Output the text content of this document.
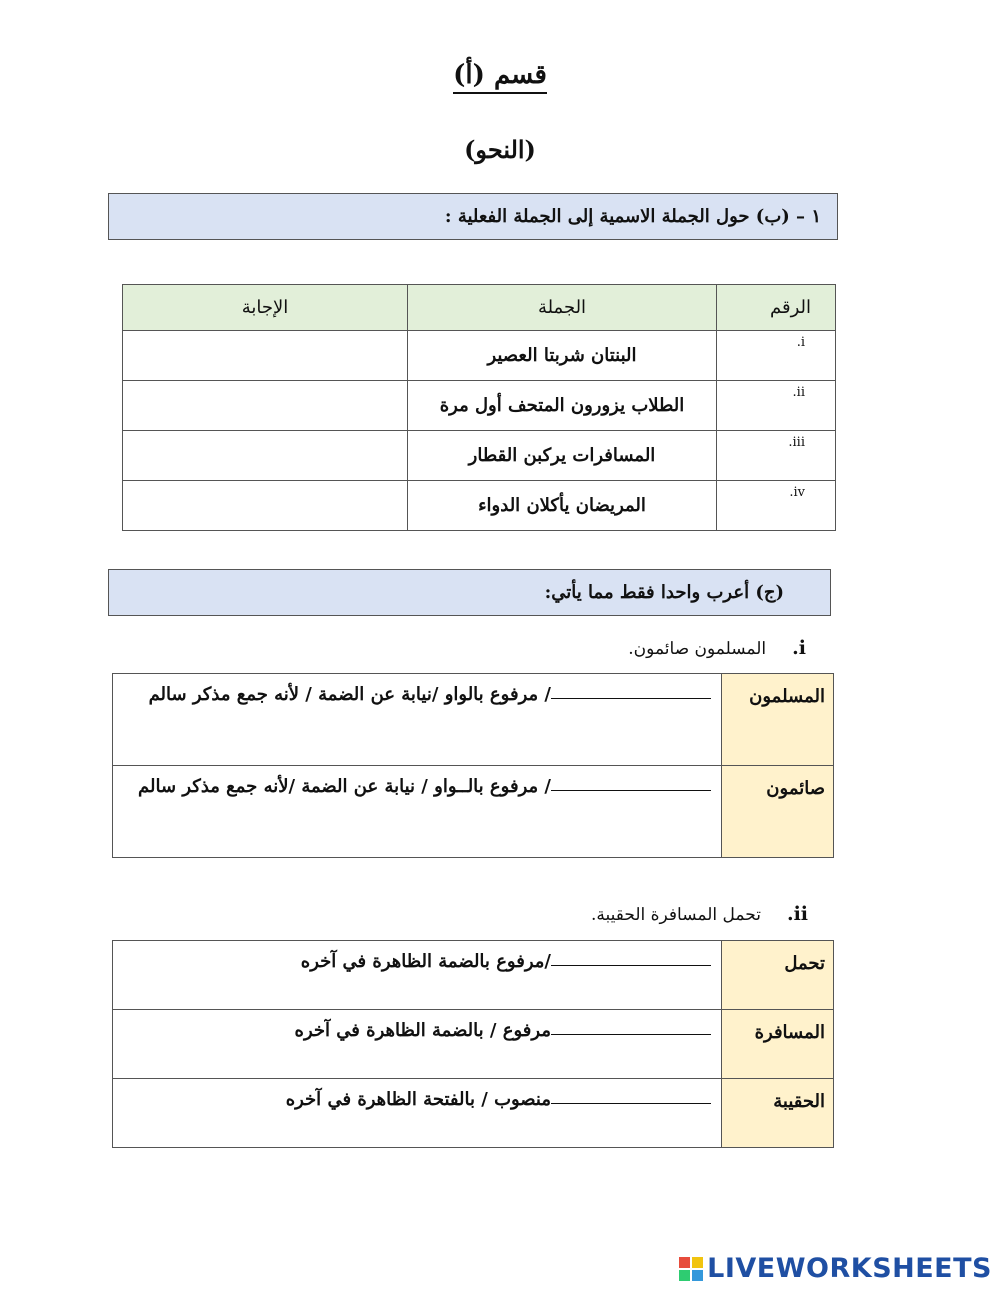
قسم (أ)
(النحو)
١ – (ب) حول الجملة الاسمية إلى الجملة الفعلية :
الرقم	الجملة	الإجابة
i.	البنتان شربتا العصير	
ii.	الطلاب يزورون المتحف أول مرة	
iii.	المسافرات يركبن القطار	
iv.	المريضان يأكلان الدواء	
(ج) أعرب واحدا فقط مما يأتي:
i.المسلمون صائمون.
المسلمون	/ مرفوع بالواو /نيابة عن الضمة / لأنه جمع مذكر سالم
صائمون	/ مرفوع بالــواو / نيابة عن الضمة /لأنه جمع مذكر سالم
ii.تحمل المسافرة الحقيبة.
تحمل	/مرفوع بالضمة الظاهرة في آخره
المسافرة	مرفوع / بالضمة الظاهرة في آخره
الحقيبة	منصوب / بالفتحة الظاهرة في آخره
LIVEWORKSHEETS
